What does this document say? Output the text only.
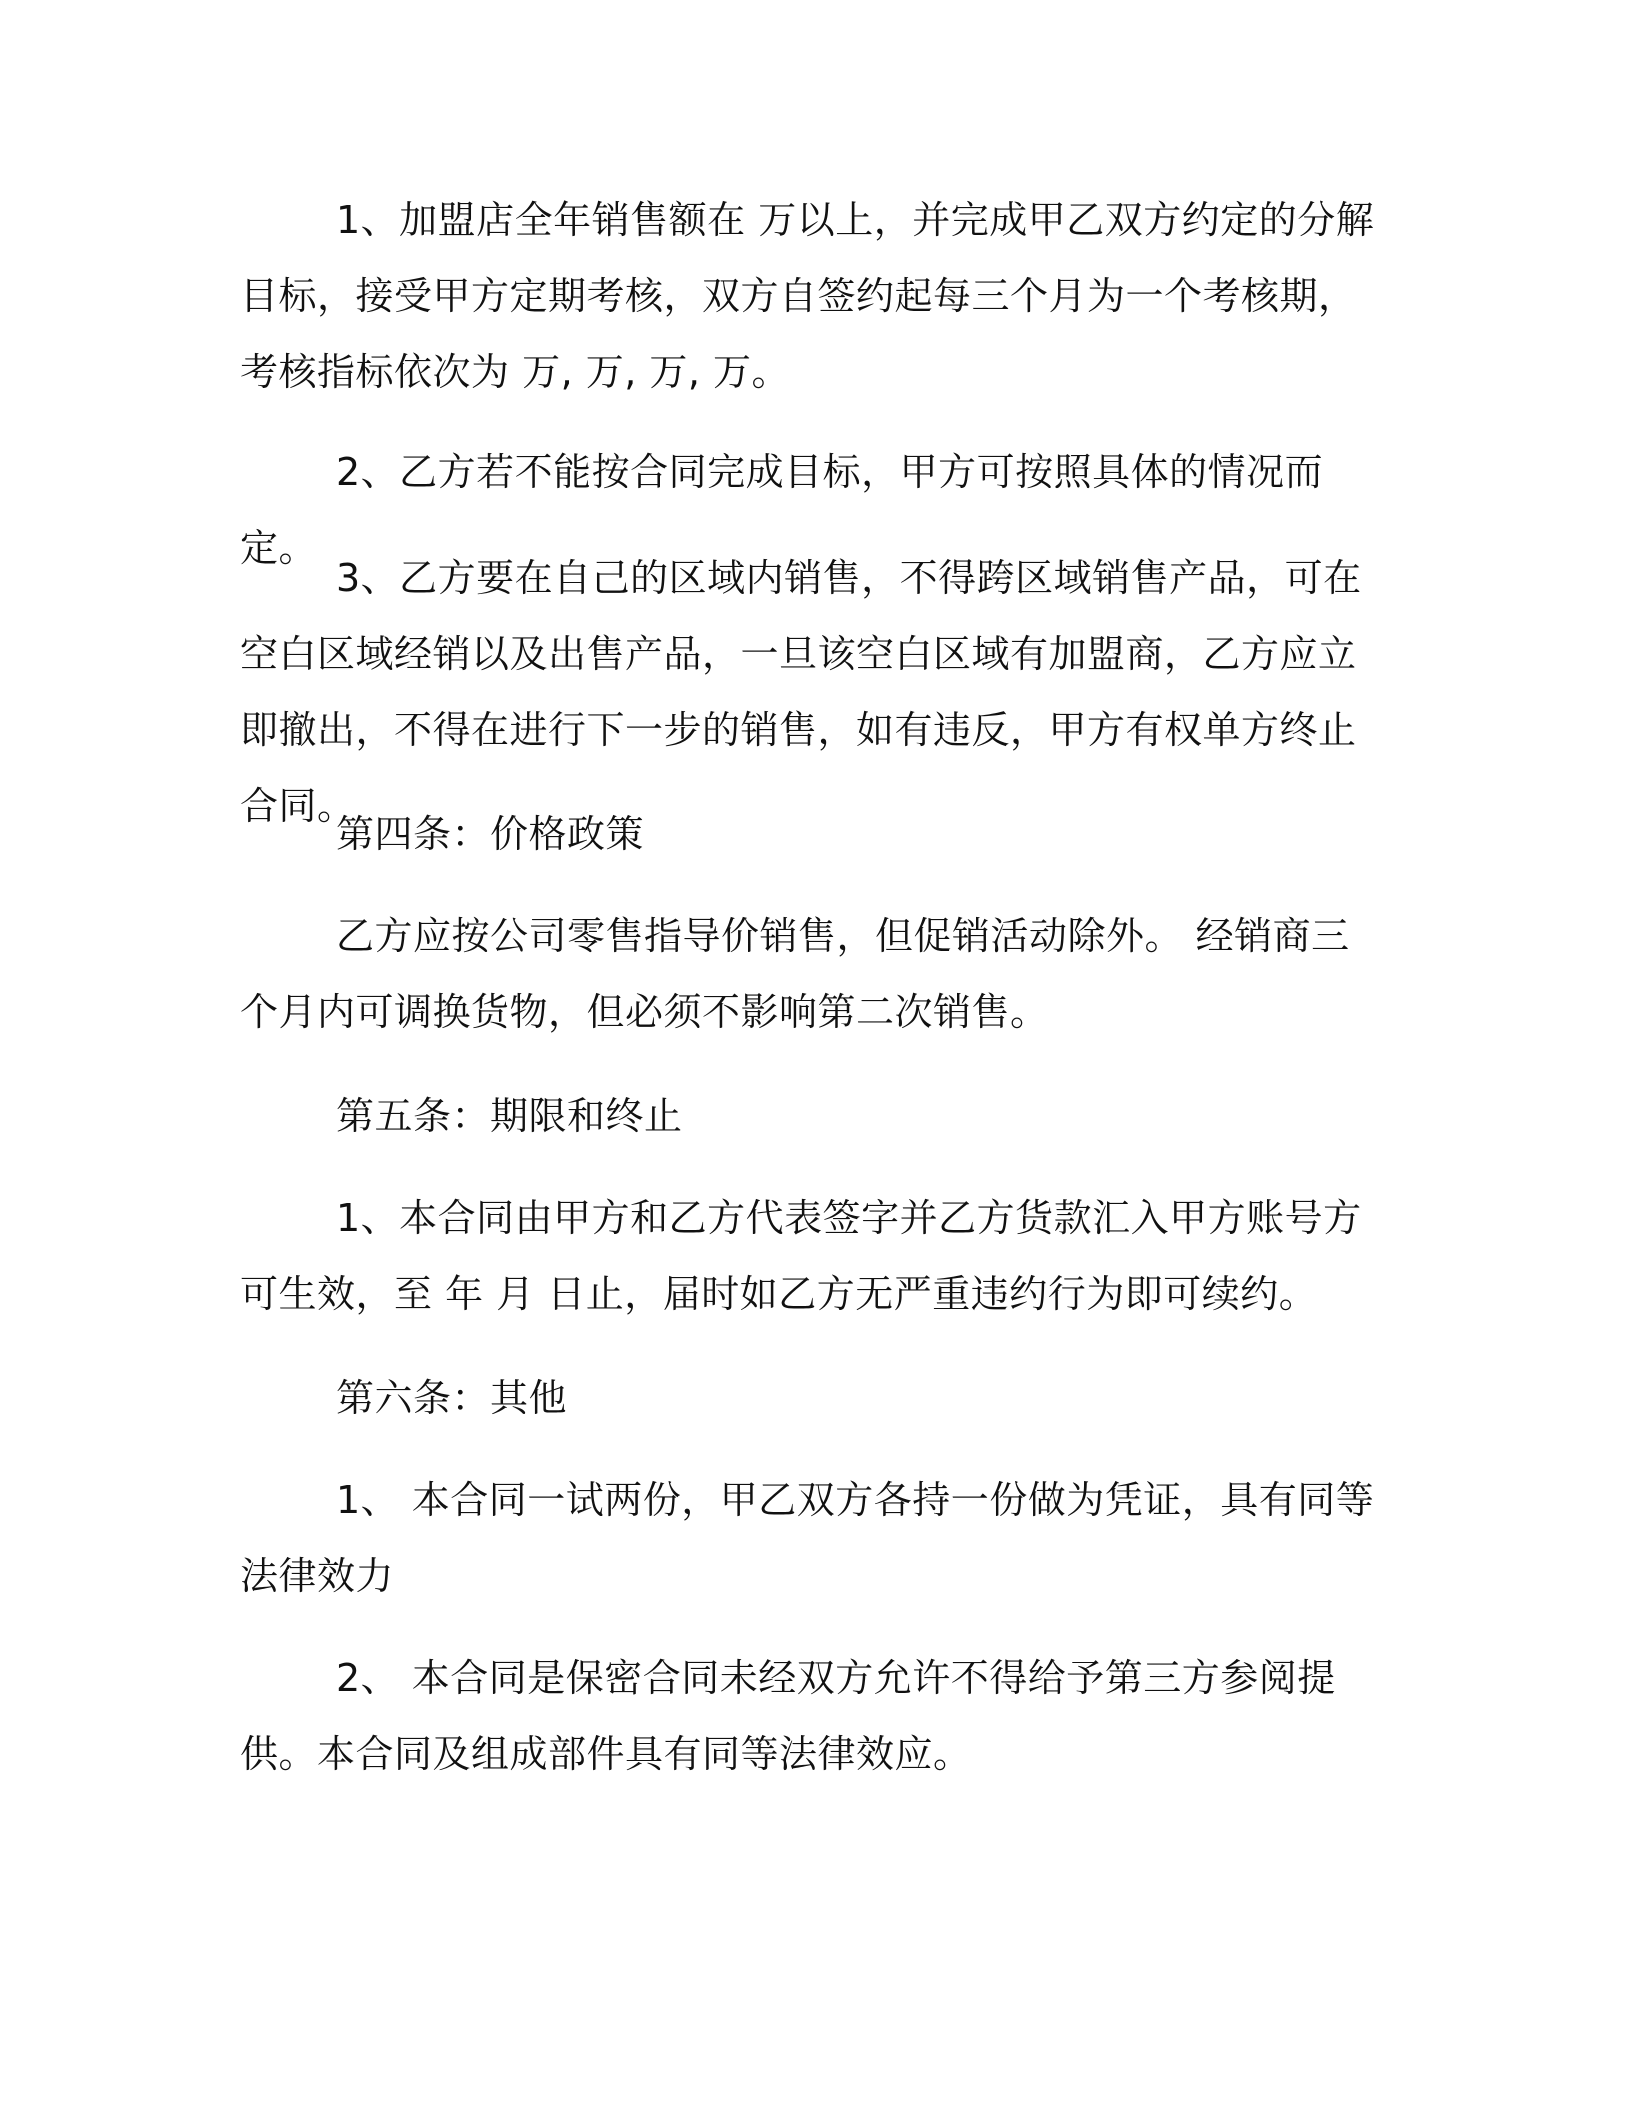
1、加盟店全年销售额在 万以上，并完成甲乙双方约定的分解目标，接受甲方定期考核，双方自签约起每三个月为一个考核期，考核指标依次为 万, 万, 万, 万。

2、乙方若不能按合同完成目标，甲方可按照具体的情况而定。

3、乙方要在自己的区域内销售，不得跨区域销售产品，可在空白区域经销以及出售产品，一旦该空白区域有加盟商，乙方应立即撤出，不得在进行下一步的销售，如有违反，甲方有权单方终止合同。

第四条：价格政策

乙方应按公司零售指导价销售，但促销活动除外。 经销商三个月内可调换货物，但必须不影响第二次销售。

第五条：期限和终止

1、本合同由甲方和乙方代表签字并乙方货款汇入甲方账号方可生效，至 年 月 日止，届时如乙方无严重违约行为即可续约。

第六条：其他

1、 本合同一试两份，甲乙双方各持一份做为凭证，具有同等法律效力

2、 本合同是保密合同未经双方允许不得给予第三方参阅提供。本合同及组成部件具有同等法律效应。
